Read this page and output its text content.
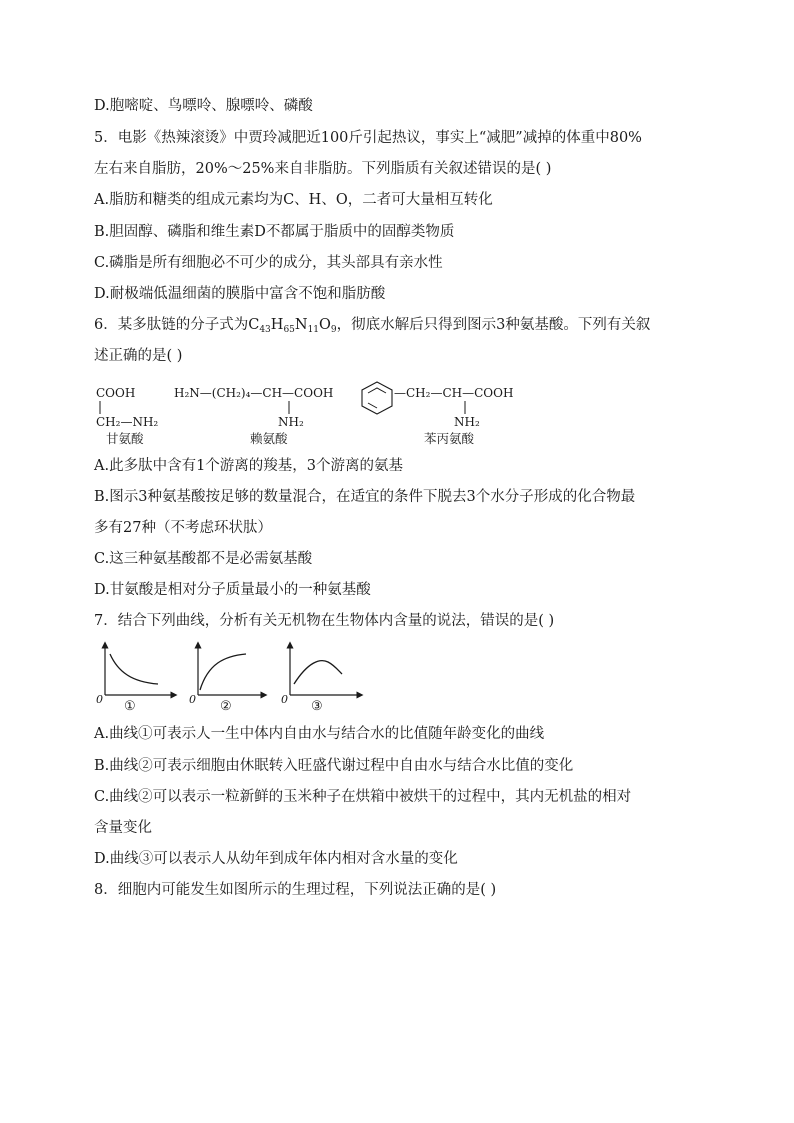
D.胞嘧啶、鸟嘌呤、腺嘌呤、磷酸
5．电影《热辣滚烫》中贾玲减肥近100斤引起热议，事实上“减肥”减掉的体重中80%
左右来自脂肪，20%～25%来自非脂肪。下列脂质有关叙述错误的是( )
A.脂肪和糖类的组成元素均为C、H、O，二者可大量相互转化
B.胆固醇、磷脂和维生素D不都属于脂质中的固醇类物质
C.磷脂是所有细胞必不可少的成分，其头部具有亲水性
D.耐极端低温细菌的膜脂中富含不饱和脂肪酸
6．某多肽链的分子式为$C_{43}H_{65}N_{11}O_9$，彻底水解后只得到图示3种氨基酸。下列有关叙
述正确的是( )
COOH
CH₂—NH₂
甘氨酸
H₂N—(CH₂)₄—CH—COOH
NH₂
赖氨酸
—CH₂—CH—COOH
NH₂
苯丙氨酸
A.此多肽中含有1个游离的羧基，3个游离的氨基
B.图示3种氨基酸按足够的数量混合，在适宜的条件下脱去3个水分子形成的化合物最
多有27种（不考虑环状肽）
C.这三种氨基酸都不是必需氨基酸
D.甘氨酸是相对分子质量最小的一种氨基酸
7．结合下列曲线，分析有关无机物在生物体内含量的说法，错误的是( )
0 ①	0 ②	0 ③
A.曲线①可表示人一生中体内自由水与结合水的比值随年龄变化的曲线
B.曲线②可表示细胞由休眠转入旺盛代谢过程中自由水与结合水比值的变化
C.曲线②可以表示一粒新鲜的玉米种子在烘箱中被烘干的过程中，其内无机盐的相对
含量变化
D.曲线③可以表示人从幼年到成年体内相对含水量的变化
8．细胞内可能发生如图所示的生理过程，下列说法正确的是( )
